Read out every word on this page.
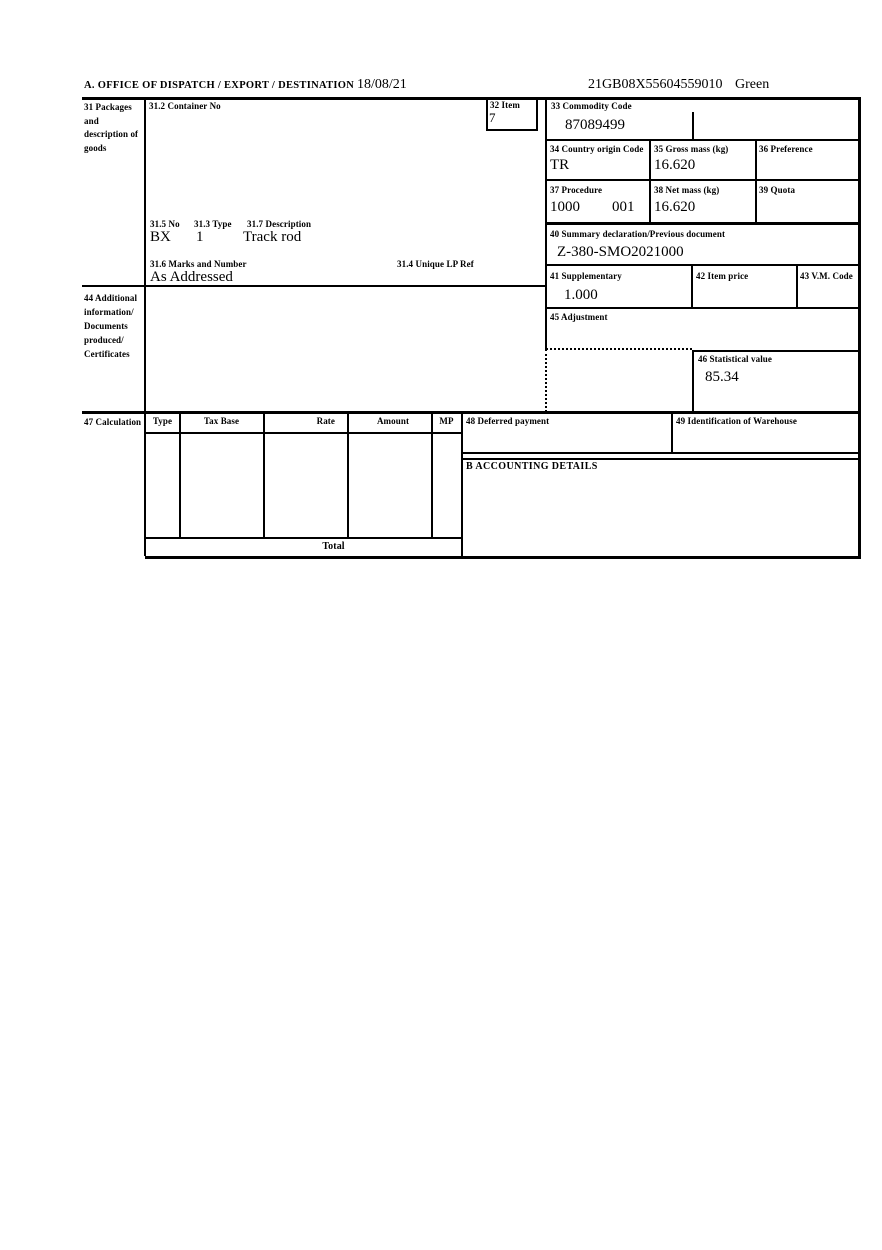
A. OFFICE OF DISPATCH / EXPORT / DESTINATION 18/08/21	21GB08X55604559010 Green
31 Packages and description of goods
31.2 Container No	32 Item
7
33 Commodity Code
87089499
34 Country origin Code
TR
35 Gross mass (kg)
16.620
36 Preference
37 Procedure
1000 001
38 Net mass (kg)
16.620
39 Quota
31.5 No 31.3 Type 31.7 Description
BX 1	Track rod	40 Summary declaration/Previous document
Z-380-SMO2021000
31.6 Marks and Number	31.4 Unique LP Ref
As Addressed	41 Supplementary
1.000
42 Item price	43 V.M. Code
44 Additional information/ Documents produced/ Certificates
45 Adjustment
46 Statistical value
85.34
47 Calculation	Type	Tax Base	Rate	Amount	MP
Total
48 Deferred payment	49 Identification of Warehouse
B ACCOUNTING DETAILS
